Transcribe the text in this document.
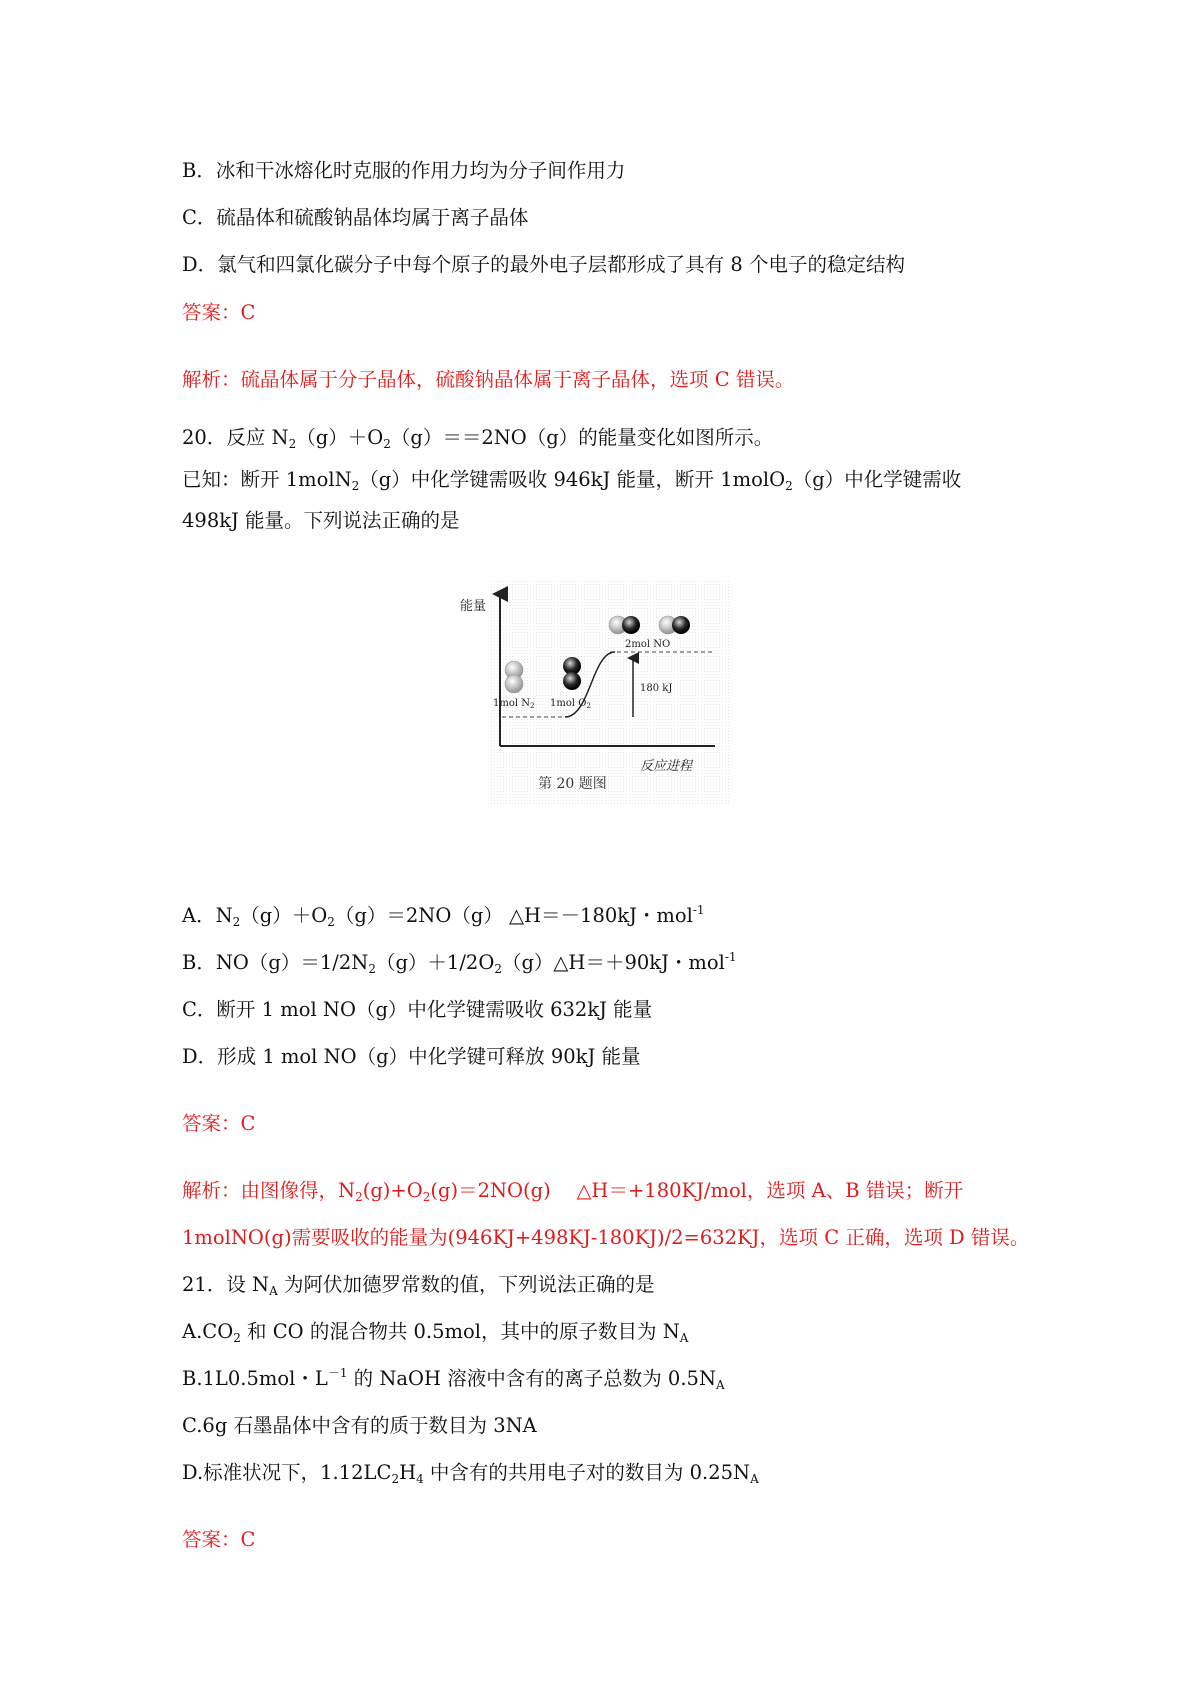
B．冰和干冰熔化时克服的作用力均为分子间作用力
C．硫晶体和硫酸钠晶体均属于离子晶体
D．氯气和四氯化碳分子中每个原子的最外电子层都形成了具有 8 个电子的稳定结构
答案：C
解析：硫晶体属于分子晶体，硫酸钠晶体属于离子晶体，选项 C 错误。
20．反应 $N_2(g)+O_2(g)==2NO(g)$的能量变化如图所示。
已知：断开 1molN$_2$（g）中化学键需吸收 946kJ 能量，断开 1molO$_2$（g）中化学键需收
498kJ 能量。下列说法正确的是
能量
反应进程
180 kJ
1mol $N_2$ 1mol $O_2$
2mol NO
第 20 题图
A．$N_2(g)+O_2(g)=2NO(g)$ △H＝－180kJ・mol$^{-1}$
B．$NO(g)=1/2N_2(g)+1/2O_2(g)\triangle H=+90kJ$・mol$^{-1}$
C．断开 1 mol NO（g）中化学键需吸收 632kJ 能量
D．形成 1 mol NO（g）中化学键可释放 90kJ 能量
答案：C
解析：由图像得，$N_2(g)+O_2(g)=2NO(g)$　 △H＝+180KJ/mol，选项 A、B 错误；断开
1molNO(g)需要吸收的能量为(946KJ+498KJ-180KJ)/2=632KJ，选项 C 正确，选项 D 错误。
21．设 $N_A$ 为阿伏加德罗常数的值，下列说法正确的是
$A.CO_2$ 和 CO 的混合物共 0.5mol，其中的原子数目为 $N_A$
B.1L0.5mol・$L^{-1}$ 的 NaOH 溶液中含有的离子总数为 $0.5N_A$
C.6g 石墨晶体中含有的质于数目为 3NA
D.标准状况下，$1.12LC_2H_4$ 中含有的共用电子对的数目为 $0.25N_A$
答案：C
